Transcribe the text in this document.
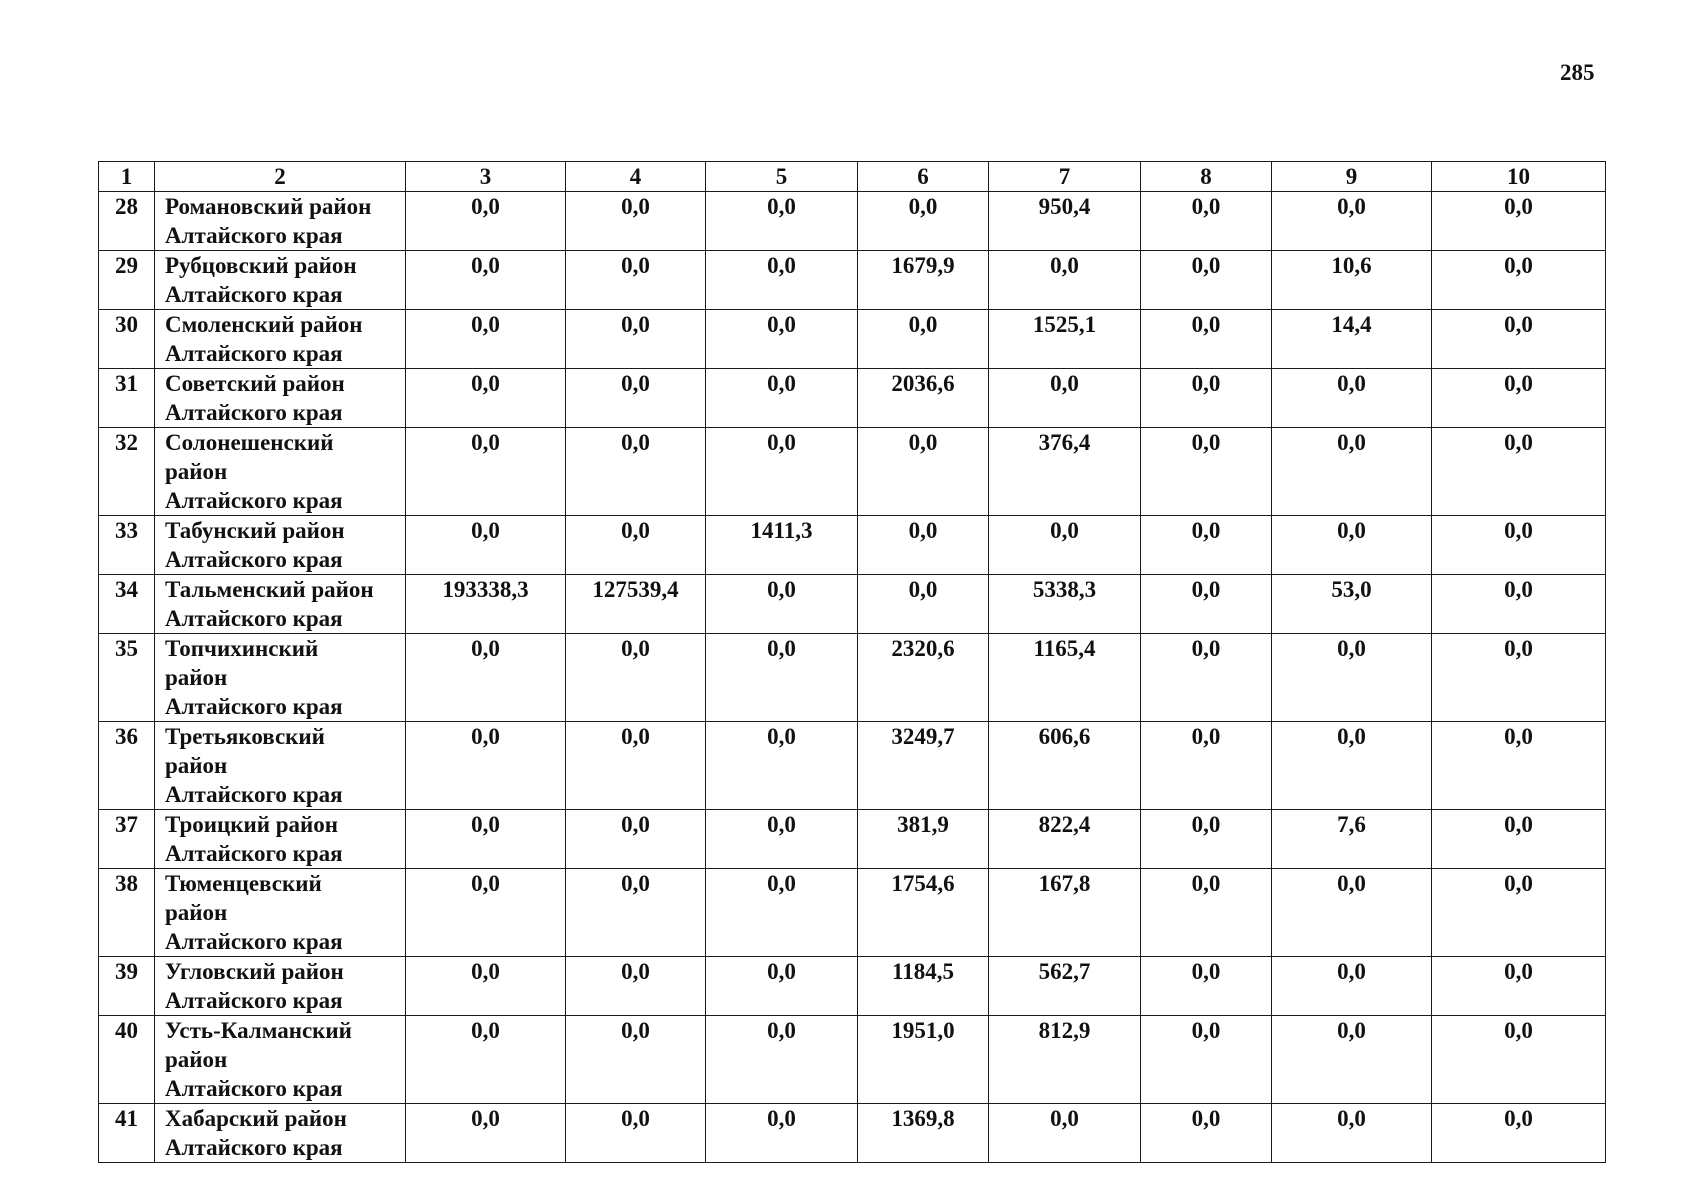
285
1	2	3	4	5	6	7	8	9	10
28	Романовский район
Алтайского края	0,0	0,0	0,0	0,0	950,4	0,0	0,0	0,0
29	Рубцовский район
Алтайского края	0,0	0,0	0,0	1679,9	0,0	0,0	10,6	0,0
30	Смоленский район
Алтайского края	0,0	0,0	0,0	0,0	1525,1	0,0	14,4	0,0
31	Советский район
Алтайского края	0,0	0,0	0,0	2036,6	0,0	0,0	0,0	0,0
32	Солонешенский
район
Алтайского края	0,0	0,0	0,0	0,0	376,4	0,0	0,0	0,0
33	Табунский район
Алтайского края	0,0	0,0	1411,3	0,0	0,0	0,0	0,0	0,0
34	Тальменский район
Алтайского края	193338,3	127539,4	0,0	0,0	5338,3	0,0	53,0	0,0
35	Топчихинский
район
Алтайского края	0,0	0,0	0,0	2320,6	1165,4	0,0	0,0	0,0
36	Третьяковский
район
Алтайского края	0,0	0,0	0,0	3249,7	606,6	0,0	0,0	0,0
37	Троицкий район
Алтайского края	0,0	0,0	0,0	381,9	822,4	0,0	7,6	0,0
38	Тюменцевский
район
Алтайского края	0,0	0,0	0,0	1754,6	167,8	0,0	0,0	0,0
39	Угловский район
Алтайского края	0,0	0,0	0,0	1184,5	562,7	0,0	0,0	0,0
40	Усть-Калманский
район
Алтайского края	0,0	0,0	0,0	1951,0	812,9	0,0	0,0	0,0
41	Хабарский район
Алтайского края	0,0	0,0	0,0	1369,8	0,0	0,0	0,0	0,0
